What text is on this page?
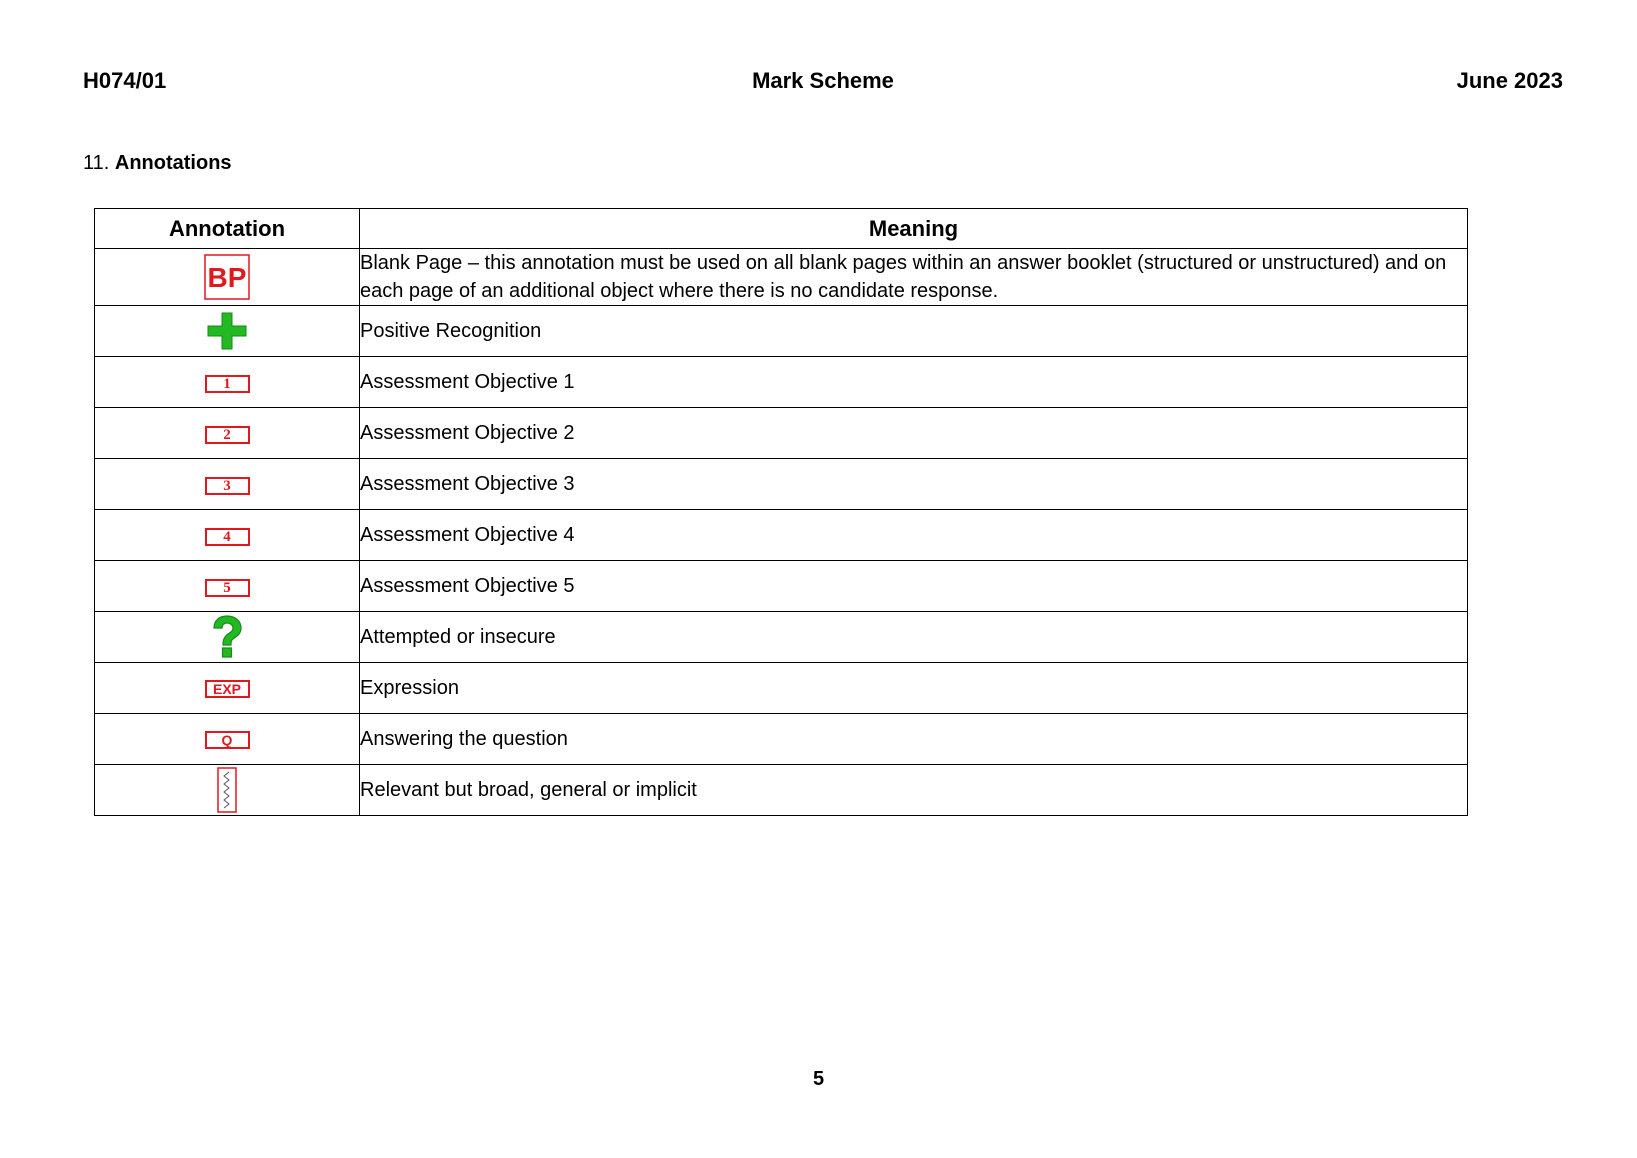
H074/01	Mark Scheme	June 2023
11. Annotations
Annotation	Meaning

BP	Blank Page – this annotation must be used on all blank pages within an answer booklet (structured or unstructured) and on each page of an additional object where there is no candidate response.
	Positive Recognition
1	Assessment Objective 1
2	Assessment Objective 2
3	Assessment Objective 3
4	Assessment Objective 4
5	Assessment Objective 5
	Attempted or insecure
EXP	Expression
Q	Answering the question
	Relevant but broad, general or implicit
5
